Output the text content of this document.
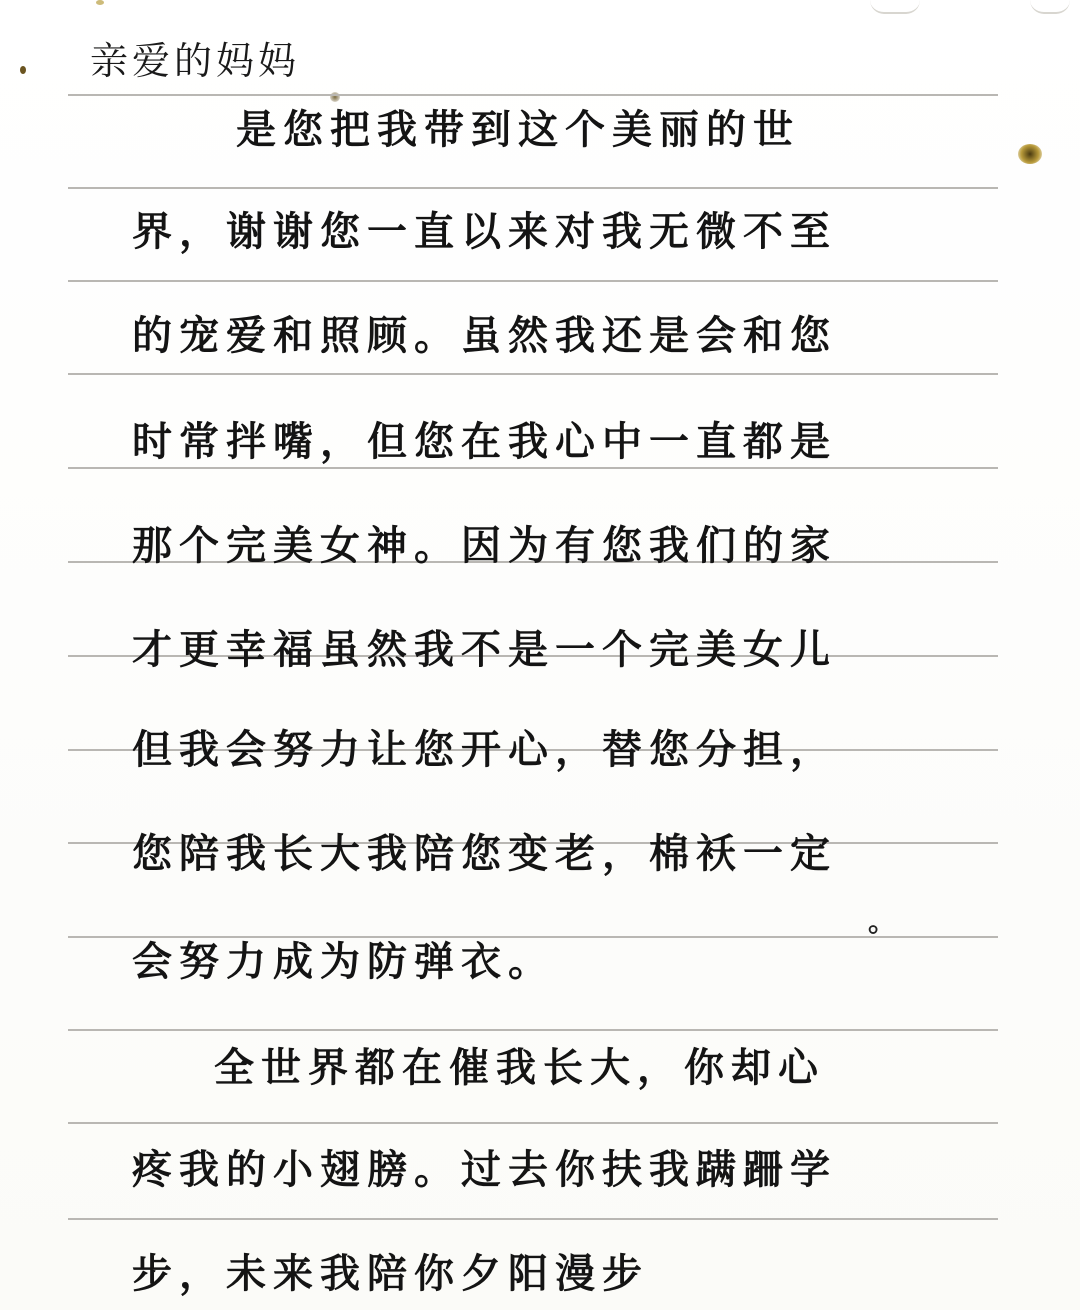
亲爱的妈妈

是您把我带到这个美丽的世

界，谢谢您一直以来对我无微不至

的宠爱和照顾。虽然我还是会和您

时常拌嘴，但您在我心中一直都是

那个完美女神。因为有您我们的家

才更幸福虽然我不是一个完美女儿

但我会努力让您开心，替您分担，

您陪我长大我陪您变老，棉袄一定

会努力成为防弹衣。

全世界都在催我长大，你却心

疼我的小翅膀。过去你扶我蹒跚学

步，未来我陪你夕阳漫步

。
